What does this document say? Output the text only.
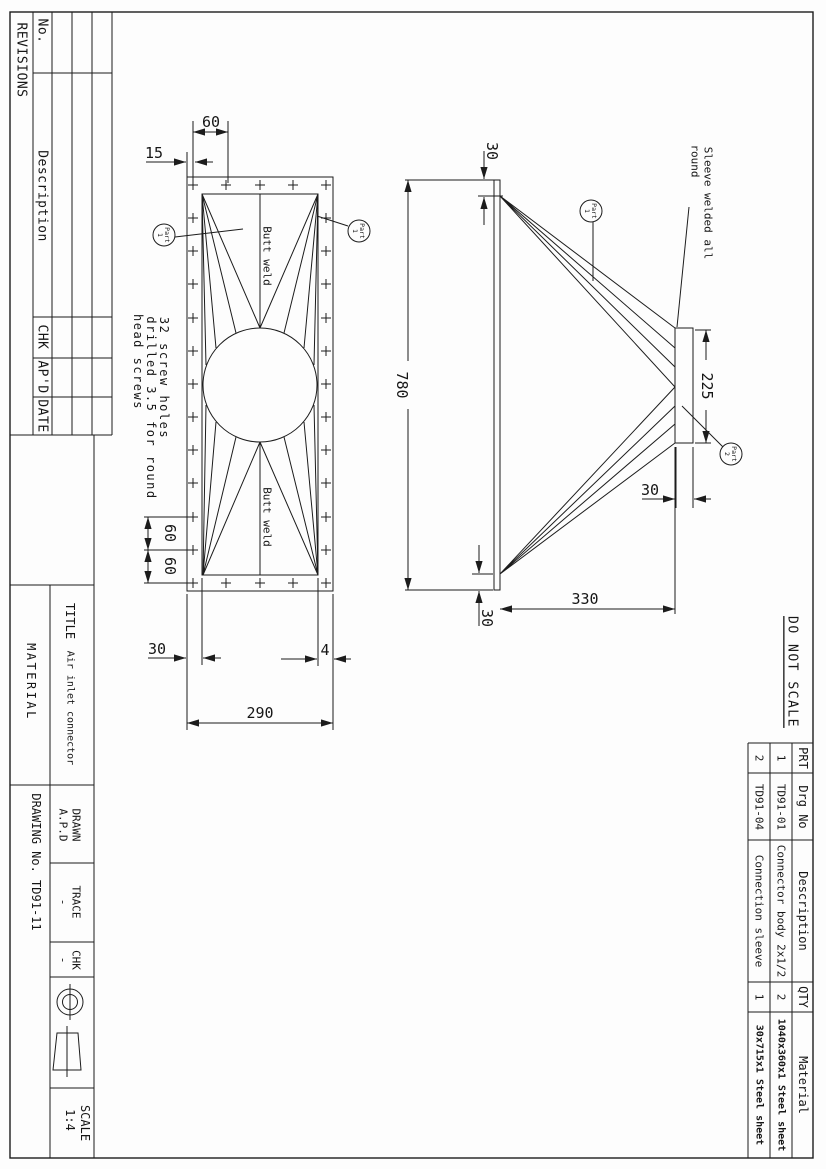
REVISIONS No.
Description
CHK
AP'D
DATE
TITLE
Air inlet connector
MATERIAL
DRAWING No. TD91-11 DRAWN
A.P.D
TRACE
-
CHK
-
SCALE
1:4
DO NOT SCALE
PRT
Drg No
Description
QTY
Material
1
TD91-01
Connector body 2x1/2
2
1040x360x1 Steel sheet
2
TD91-04
Connection sleeve
1
30x715x1 Steel sheet
60
15
60
60
30	4
290
Butt weld
Butt weld
32 screw holes
drilled 3.5 for round
head screws
Part
1	Part
1
780
30
30
330
30
225
Sleeve welded all
round
Part
1
Part
2
